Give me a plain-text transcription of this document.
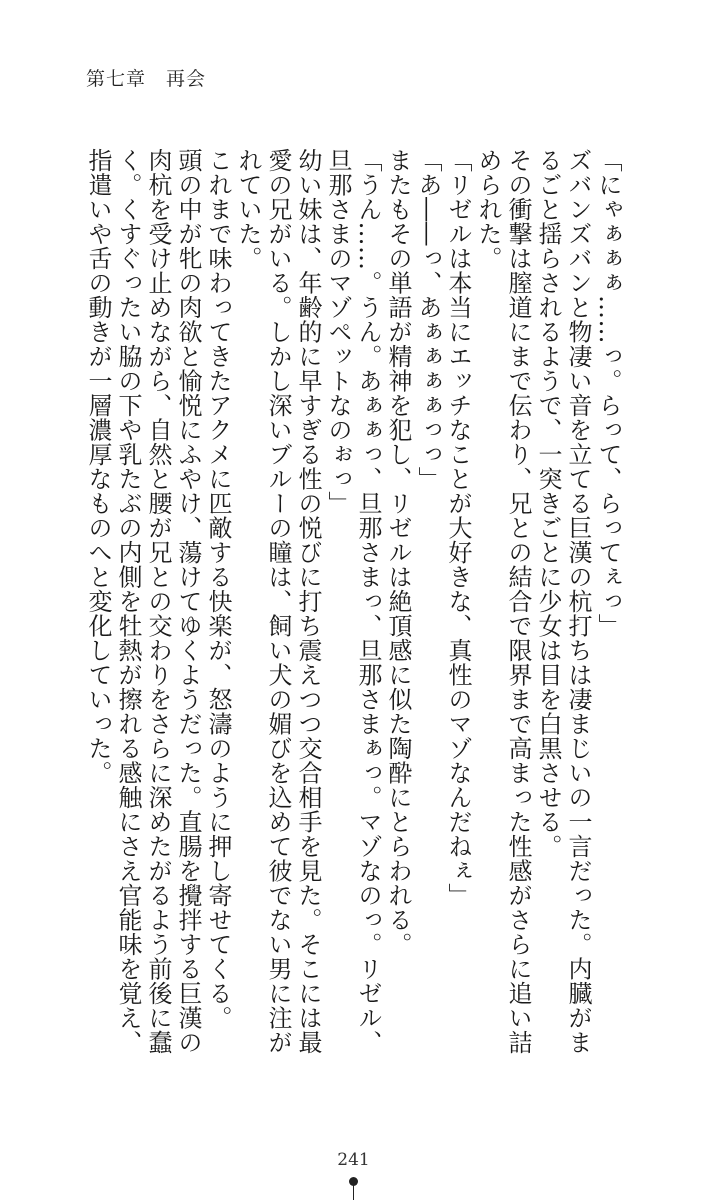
第七章　再会

「にゃぁぁぁ……っ。らって、らってぇっ」

ズバンズバンと物凄い音を立てる巨漢の杭打ちは凄まじいの一言だった。内臓がまるごと揺らされるようで、一突きごとに少女は目を白黒させる。

その衝撃は膣道にまで伝わり、兄との結合で限界まで高まった性感がさらに追い詰められた。

「リゼルは本当にエッチなことが大好きな、真性のマゾなんだねぇ」

「あ――っ、あぁぁぁぁっっ」

またもその単語が精神を犯し、リゼルは絶頂感に似た陶酔にとらわれる。

「うん……。うん。あぁぁっ、旦那さまっ、旦那さまぁっ。マゾなのっ。リゼル、旦那さまのマゾペットなのぉっ」

幼い妹は、年齢的に早すぎる性の悦びに打ち震えつつ交合相手を見た。そこには最愛の兄がいる。しかし深いブルーの瞳は、飼い犬の媚びを込めて彼でない男に注がれていた。

これまで味わってきたアクメに匹敵する快楽が、怒濤のように押し寄せてくる。

頭の中が牝の肉欲と愉悦にふやけ、蕩けてゆくようだった。直腸を攪拌する巨漢の肉杭を受け止めながら、自然と腰が兄との交わりをさらに深めたがるよう前後に蠢く。くすぐったい脇の下や乳たぶの内側を牡熱が擦れる感触にさえ官能味を覚え、指遣いや舌の動きが一層濃厚なものへと変化していった。

241
